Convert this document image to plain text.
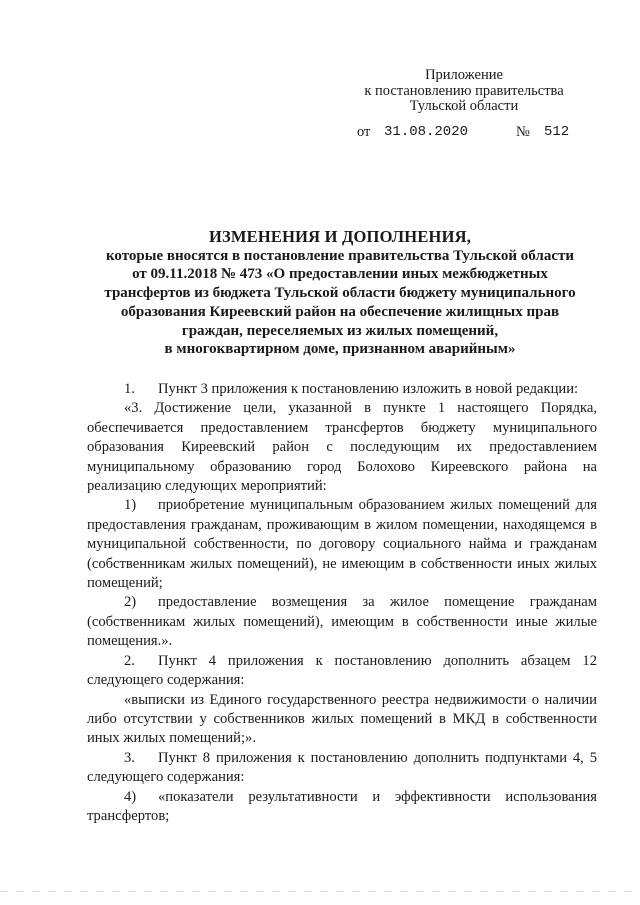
Приложение
к постановлению правительства
Тульской области
от 31.08.2020	№ 512
ИЗМЕНЕНИЯ И ДОПОЛНЕНИЯ,
которые вносятся в постановление правительства Тульской области
от 09.11.2018 № 473 «О предоставлении иных межбюджетных
трансфертов из бюджета Тульской области бюджету муниципального
образования Киреевский район на обеспечение жилищных прав
граждан, переселяемых из жилых помещений,
в многоквартирном доме, признанном аварийным»

1. Пункт 3 приложения к постановлению изложить в новой редакции:

«3. Достижение цели, указанной в пункте 1 настоящего Порядка, обеспечивается предоставлением трансфертов бюджету муниципального образования Киреевский район с последующим их предоставлением муниципальному образованию город Болохово Киреевского района на реализацию следующих мероприятий:

1) приобретение муниципальным образованием жилых помещений для предоставления гражданам, проживающим в жилом помещении, находящемся в муниципальной собственности, по договору социального найма и гражданам (собственникам жилых помещений), не имеющим в собственности иных жилых помещений;

2) предоставление возмещения за жилое помещение гражданам (собственникам жилых помещений), имеющим в собственности иные жилые помещения.».

2. Пункт 4 приложения к постановлению дополнить абзацем 12 следующего содержания:

«выписки из Единого государственного реестра недвижимости о наличии либо отсутствии у собственников жилых помещений в МКД в собственности иных жилых помещений;».

3. Пункт 8 приложения к постановлению дополнить подпунктами 4, 5 следующего содержания:

4) «показатели результативности и эффективности использования трансфертов;
